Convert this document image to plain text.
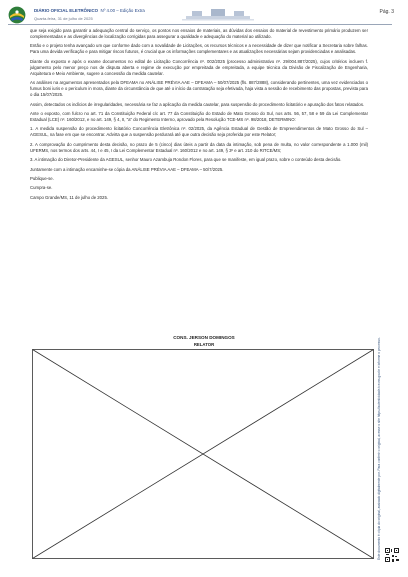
DIÁRIO OFICIAL ELETRÔNICO Nº 4.00 – Edição Extra
Quarta-feira, 31 de julho de 2025
Pág. 3

que seja exigido para garantir a adequação central do serviço, os pontos nos ensaios de materiais, as dúvidas dos ensaios do material de revestimento primário produzem ser complementadas e as divergências de localização corrigidas para assegurar a qualidade e adequação do material ao utilizado.

Então e o projeto tenha avançado um que conforme dado com a novalidade de Licitações, os recursos técnicos e a necessidade de dizer que notificar a Secretaria sobre falhas. Para uma devida verificação e para mitigar riscos futuros, é crucial que os informações complementares e as atualizações necessárias sejam providenciadas e analisadas.

Diante do exposto e após o exame documentos no edital de Licitação Concorrência nº. 002/2025 (processo administrativo nº. 29/004.887/2025), cujos critérios incluem f. julgamento pelo menor preço nos de disputa aberta e regime de execução por empreitada de empreitada, a equipe técnica da Divisão de Fiscalização de Engenharia, Arquitetura e Meio Ambiente, sugere a concessão da medida cautelar.

As análises na argumentos apresentados pela DFEAMA no ANÁLISE PRÉVIA AAE – DFEAMA – 50/07/2025 (fls. 887/2888), considerando pertinentes, uma vez evidenciados o fumus boni iuris e o periculum in mora, diante da circunstância de que até o início da contratação seja efetivada, haja vista a sessão de recebimento das propostas, prevista para o dia 15/07/2025.

Assim, detectados os indícios de irregularidades, necessária se faz a aplicação da medida cautelar, para suspensão do procedimento licitatório e apuração dos fatos relatados.

Ante o exposto, com fulcro no art. 71 da Constituição Federal c/c art. 77 da Constituição do Estado de Mato Grosso do Sul, nos arts. 56, 57, 58 e 59 da Lei Complementar Estadual (LCE) nº. 160/2012, e no art. 149, § 4, II, "a" do Regimento Interno, aprovado pela Resolução TCE-MS nº. 98/2018, DETERMINO:

1. A medida suspensão do procedimento licitatório Concorrência Eletrônica nº. 02/2025, da Agência Estadual de Gestão de Empreendimentos de Mato Grosso do Sul – AGESUL, na fase em que se encontrar. Advirta que a suspensão perdurará até que outra decisão seja proferida por este Relator;

2. A comprovação do cumprimento desta decisão, no prazo de 5 (cinco) dias úteis a partir da data da intimação, sob pena de multa, no valor correspondente a 1.000 (mil) UFERMS, nos termos dos arts. 44, I e 45, I da Lei Complementar Estadual nº. 160/2012 e no art. 149, § 3º e art. 210 do RITCE/MS;

3. A intimação do Diretor-Presidente da AGESUL, senhor Mauro Azambuja Rondon Flores, para que se manifeste, em igual prazo, sobre o conteúdo desta decisão.

Juntamente com a intimação encaminhe-se cópia da ANÁLISE PRÉVIA AAE – DFEAMA – 50/7/2025.

Publique-se.

Cumpra-se.

Campo Grande/MS, 11 de julho de 2025.

CONS. JERSON DOMINGOS
RELATOR	Este documento é cópia do original, assinado digitalmente por. Para conferir o original, acesse o site https://autenticidade.tce.ms.gov.br e informe o processo.
